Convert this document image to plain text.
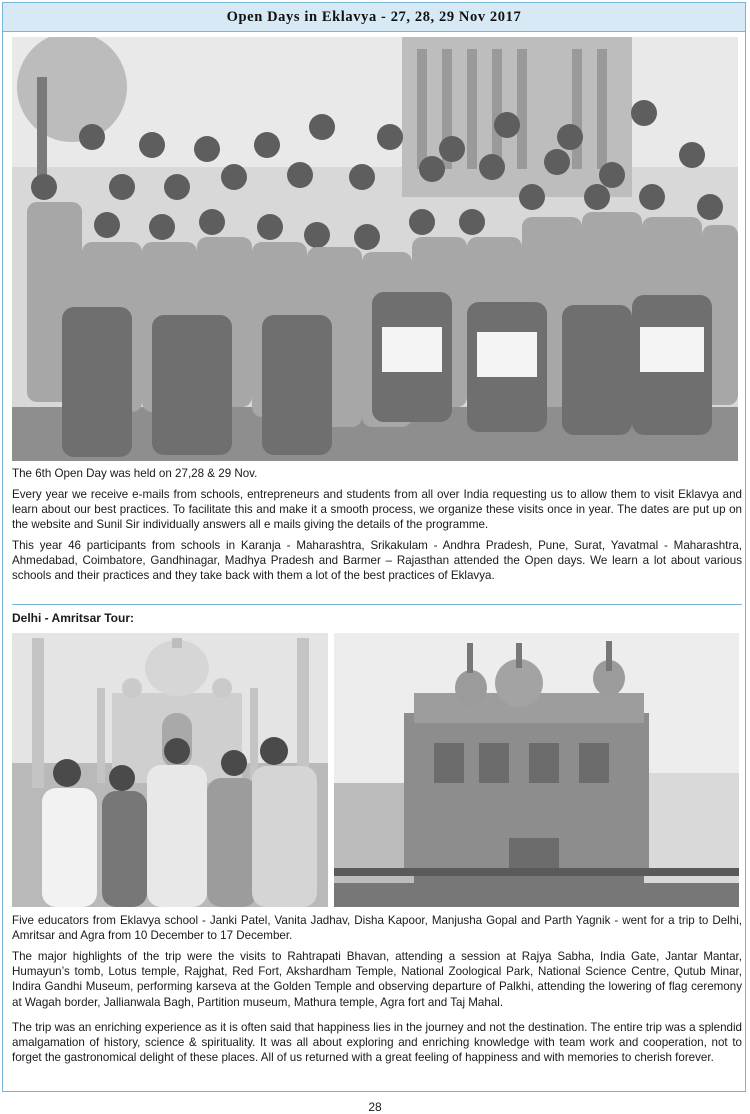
Open Days in Eklavya - 27, 28, 29 Nov 2017
The 6th Open Day was held on 27,28 & 29 Nov.
Every year we receive e-mails from schools, entrepreneurs and students from all over India requesting us to allow them to visit Eklavya and learn about our best practices. To facilitate this and make it a smooth process, we organize these visits once in year. The dates are put up on the website and Sunil Sir individually answers all e mails giving the details of the programme.
This year 46 participants from schools in Karanja - Maharashtra, Srikakulam - Andhra Pradesh, Pune, Surat, Yavatmal - Maharashtra, Ahmedabad, Coimbatore, Gandhinagar, Madhya Pradesh and Barmer – Rajasthan attended the Open days. We learn a lot about various schools and their practices and they take back with them a lot of the best practices of Eklavya.
Delhi - Amritsar Tour:
Five educators from Eklavya school - Janki Patel, Vanita Jadhav, Disha Kapoor, Manjusha Gopal and Parth Yagnik - went for a trip to Delhi, Amritsar and Agra from 10 December to 17 December.
The major highlights of the trip were the visits to Rahtrapati Bhavan, attending a session at Rajya Sabha, India Gate, Jantar Mantar, Humayun’s tomb, Lotus temple, Rajghat, Red Fort, Akshardham Temple, National Zoological Park, National Science Centre, Qutub Minar, Indira Gandhi Museum, performing karseva at the Golden Temple and observing departure of Palkhi, attending the lowering of flag ceremony at Wagah border, Jallianwala Bagh, Partition museum, Mathura temple, Agra fort and Taj Mahal.
The trip was an enriching experience as it is often said that happiness lies in the journey and not the destination. The entire trip was a splendid amalgamation of history, science & spirituality. It was all about exploring and enriching knowledge with team work and cooperation, not to forget the gastronomical delight of these places. All of us returned with a great feeling of happiness and with memories to cherish forever.
28
